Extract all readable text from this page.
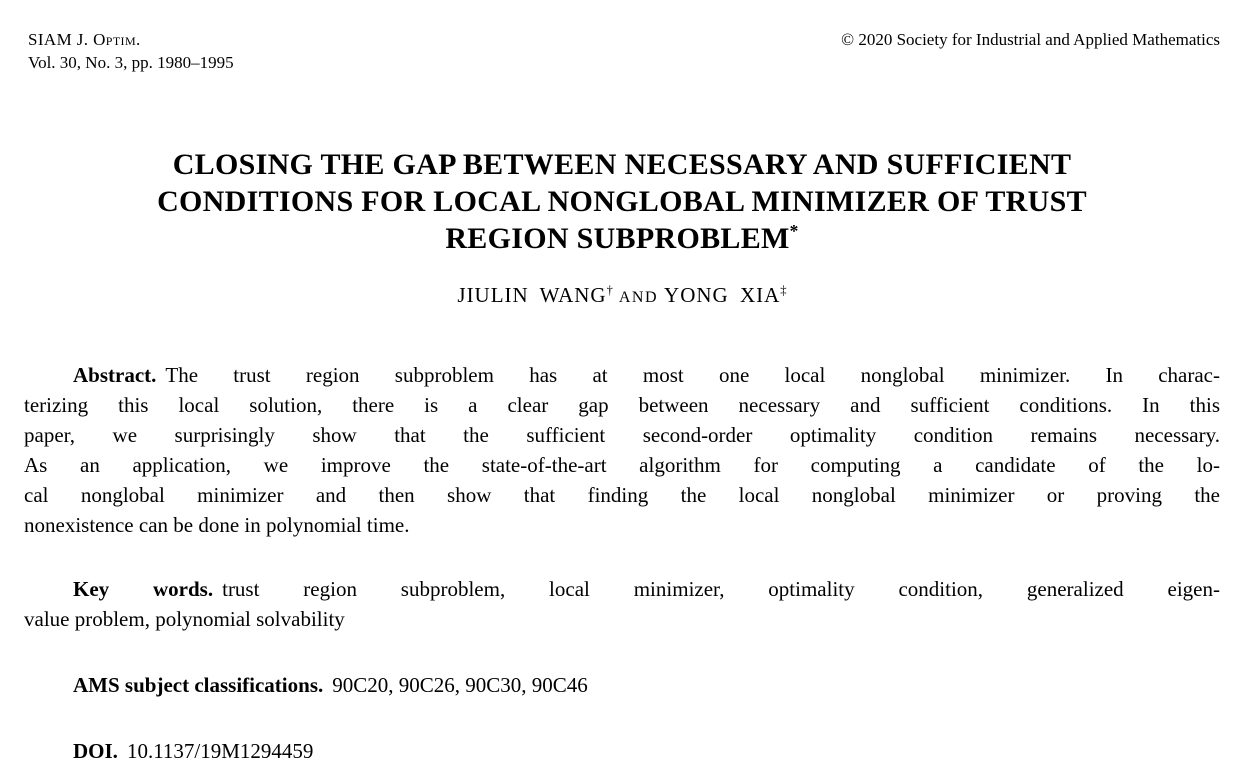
SIAM J. Optim.
Vol. 30, No. 3, pp. 1980–1995
© 2020 Society for Industrial and Applied Mathematics
CLOSING THE GAP BETWEEN NECESSARY AND SUFFICIENT
CONDITIONS FOR LOCAL NONGLOBAL MINIMIZER OF TRUST
REGION SUBPROBLEM*
JIULIN WANG† AND YONG XIA‡
Abstract. The trust region subproblem has at most one local nonglobal minimizer. In charac-
terizing this local solution, there is a clear gap between necessary and sufficient conditions. In this
paper, we surprisingly show that the sufficient second-order optimality condition remains necessary.
As an application, we improve the state-of-the-art algorithm for computing a candidate of the lo-
cal nonglobal minimizer and then show that finding the local nonglobal minimizer or proving the
nonexistence can be done in polynomial time.
Key words. trust region subproblem, local minimizer, optimality condition, generalized eigen-
value problem, polynomial solvability
AMS subject classifications. 90C20, 90C26, 90C30, 90C46
DOI. 10.1137/19M1294459
